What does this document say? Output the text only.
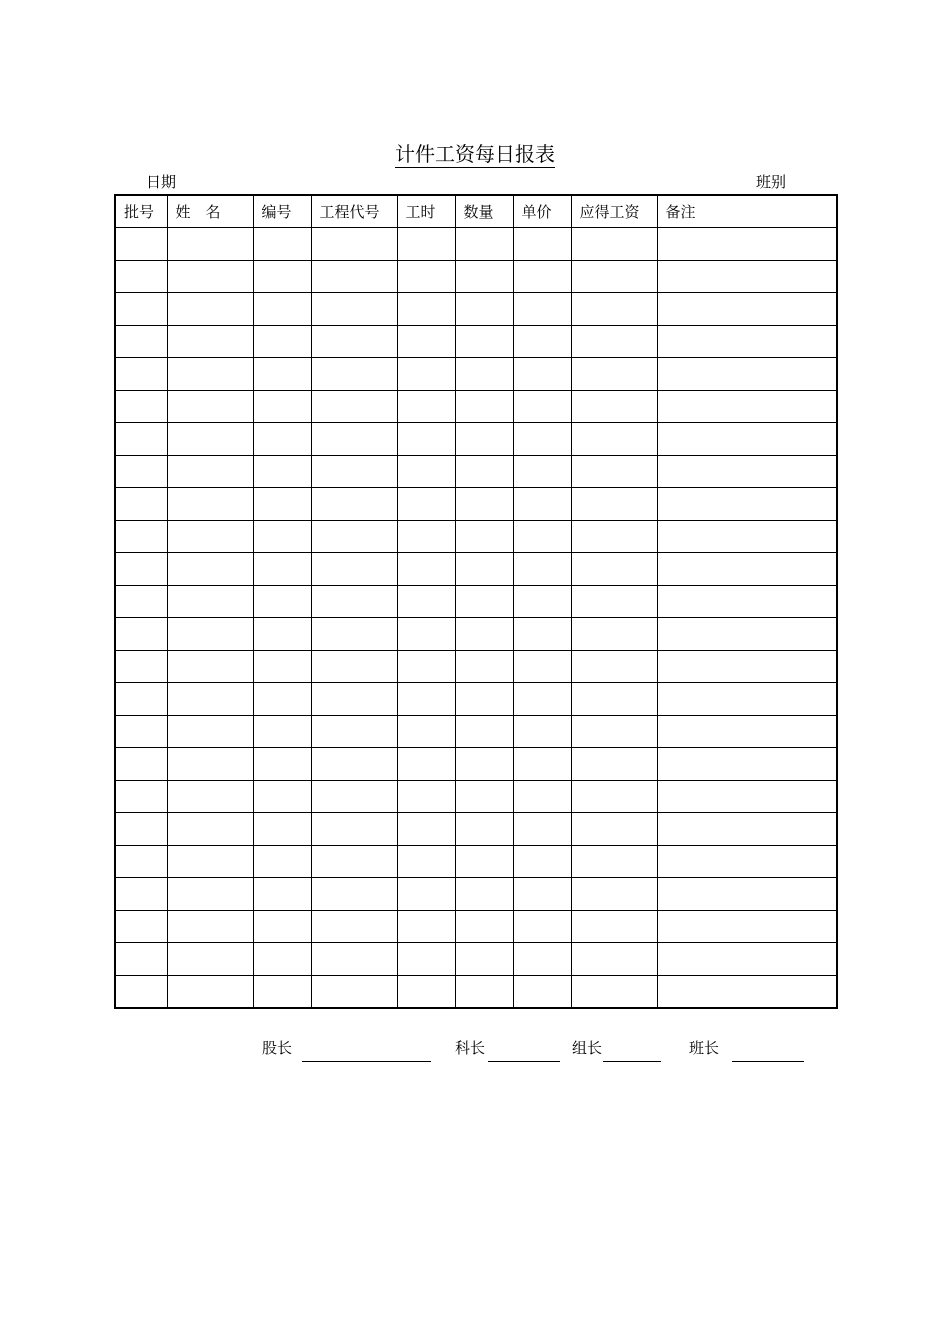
计件工资每日报表
日期	班别
批号	姓　名	编号	工程代号	工时	数量	单价	应得工资	备注

股长	科长	组长	班长
